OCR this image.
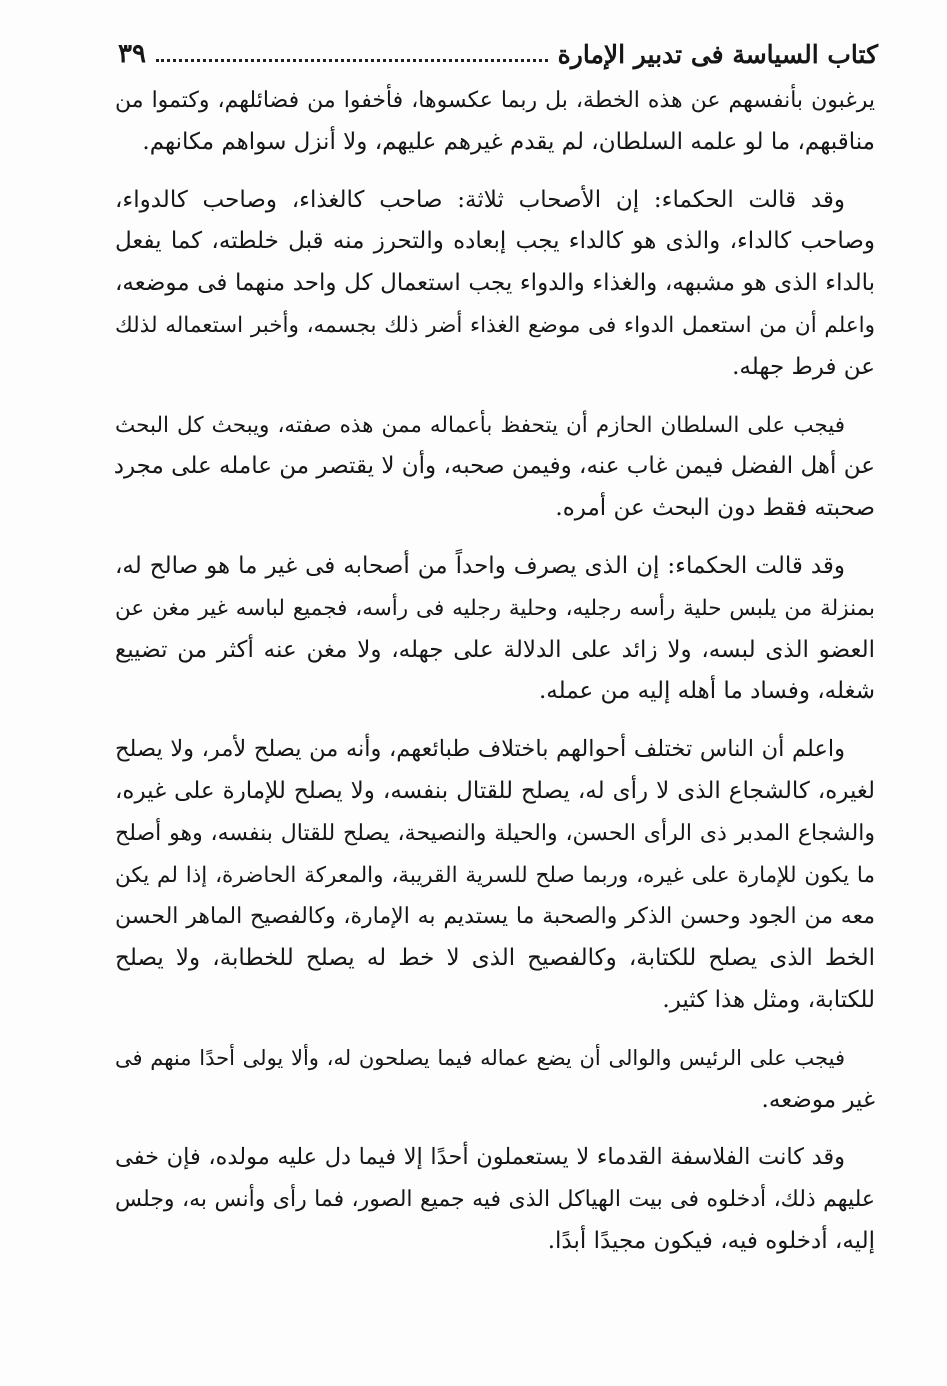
كتاب السياسة فى تدبير الإمارة
٣٩
يرغبون بأنفسهم عن هذه الخطة، بل ربما عكسوها، فأخفوا من فضائلهم، وكتموا من
مناقبهم، ما لو علمه السلطان، لم يقدم غيرهم عليهم، ولا أنزل سواهم مكانهم.
وقد قالت الحكماء: إن الأصحاب ثلاثة: صاحب كالغذاء، وصاحب كالدواء،
وصاحب كالداء، والذى هو كالداء يجب إبعاده والتحرز منه قبل خلطته، كما يفعل
بالداء الذى هو مشبهه، والغذاء والدواء يجب استعمال كل واحد منهما فى موضعه،
واعلم أن من استعمل الدواء فى موضع الغذاء أضر ذلك بجسمه، وأخبر استعماله لذلك
عن فرط جهله.
فيجب على السلطان الحازم أن يتحفظ بأعماله ممن هذه صفته، ويبحث كل البحث
عن أهل الفضل فيمن غاب عنه، وفيمن صحبه، وأن لا يقتصر من عامله على مجرد
صحبته فقط دون البحث عن أمره.
وقد قالت الحكماء: إن الذى يصرف واحداً من أصحابه فى غير ما هو صالح له،
بمنزلة من يلبس حلية رأسه رجليه، وحلية رجليه فى رأسه، فجميع لباسه غير مغن عن
العضو الذى لبسه، ولا زائد على الدلالة على جهله، ولا مغن عنه أكثر من تضييع
شغله، وفساد ما أهله إليه من عمله.
واعلم أن الناس تختلف أحوالهم باختلاف طبائعهم، وأنه من يصلح لأمر، ولا يصلح
لغيره، كالشجاع الذى لا رأى له، يصلح للقتال بنفسه، ولا يصلح للإمارة على غيره،
والشجاع المدبر ذى الرأى الحسن، والحيلة والنصيحة، يصلح للقتال بنفسه، وهو أصلح
ما يكون للإمارة على غيره، وربما صلح للسرية القريبة، والمعركة الحاضرة، إذا لم يكن
معه من الجود وحسن الذكر والصحبة ما يستديم به الإمارة، وكالفصيح الماهر الحسن
الخط الذى يصلح للكتابة، وكالفصيح الذى لا خط له يصلح للخطابة، ولا يصلح
للكتابة، ومثل هذا كثير.
فيجب على الرئيس والوالى أن يضع عماله فيما يصلحون له، وألا يولى أحدًا منهم فى
غير موضعه.
وقد كانت الفلاسفة القدماء لا يستعملون أحدًا إلا فيما دل عليه مولده، فإن خفى
عليهم ذلك، أدخلوه فى بيت الهياكل الذى فيه جميع الصور، فما رأى وأنس به، وجلس
إليه، أدخلوه فيه، فيكون مجيدًا أبدًا.
